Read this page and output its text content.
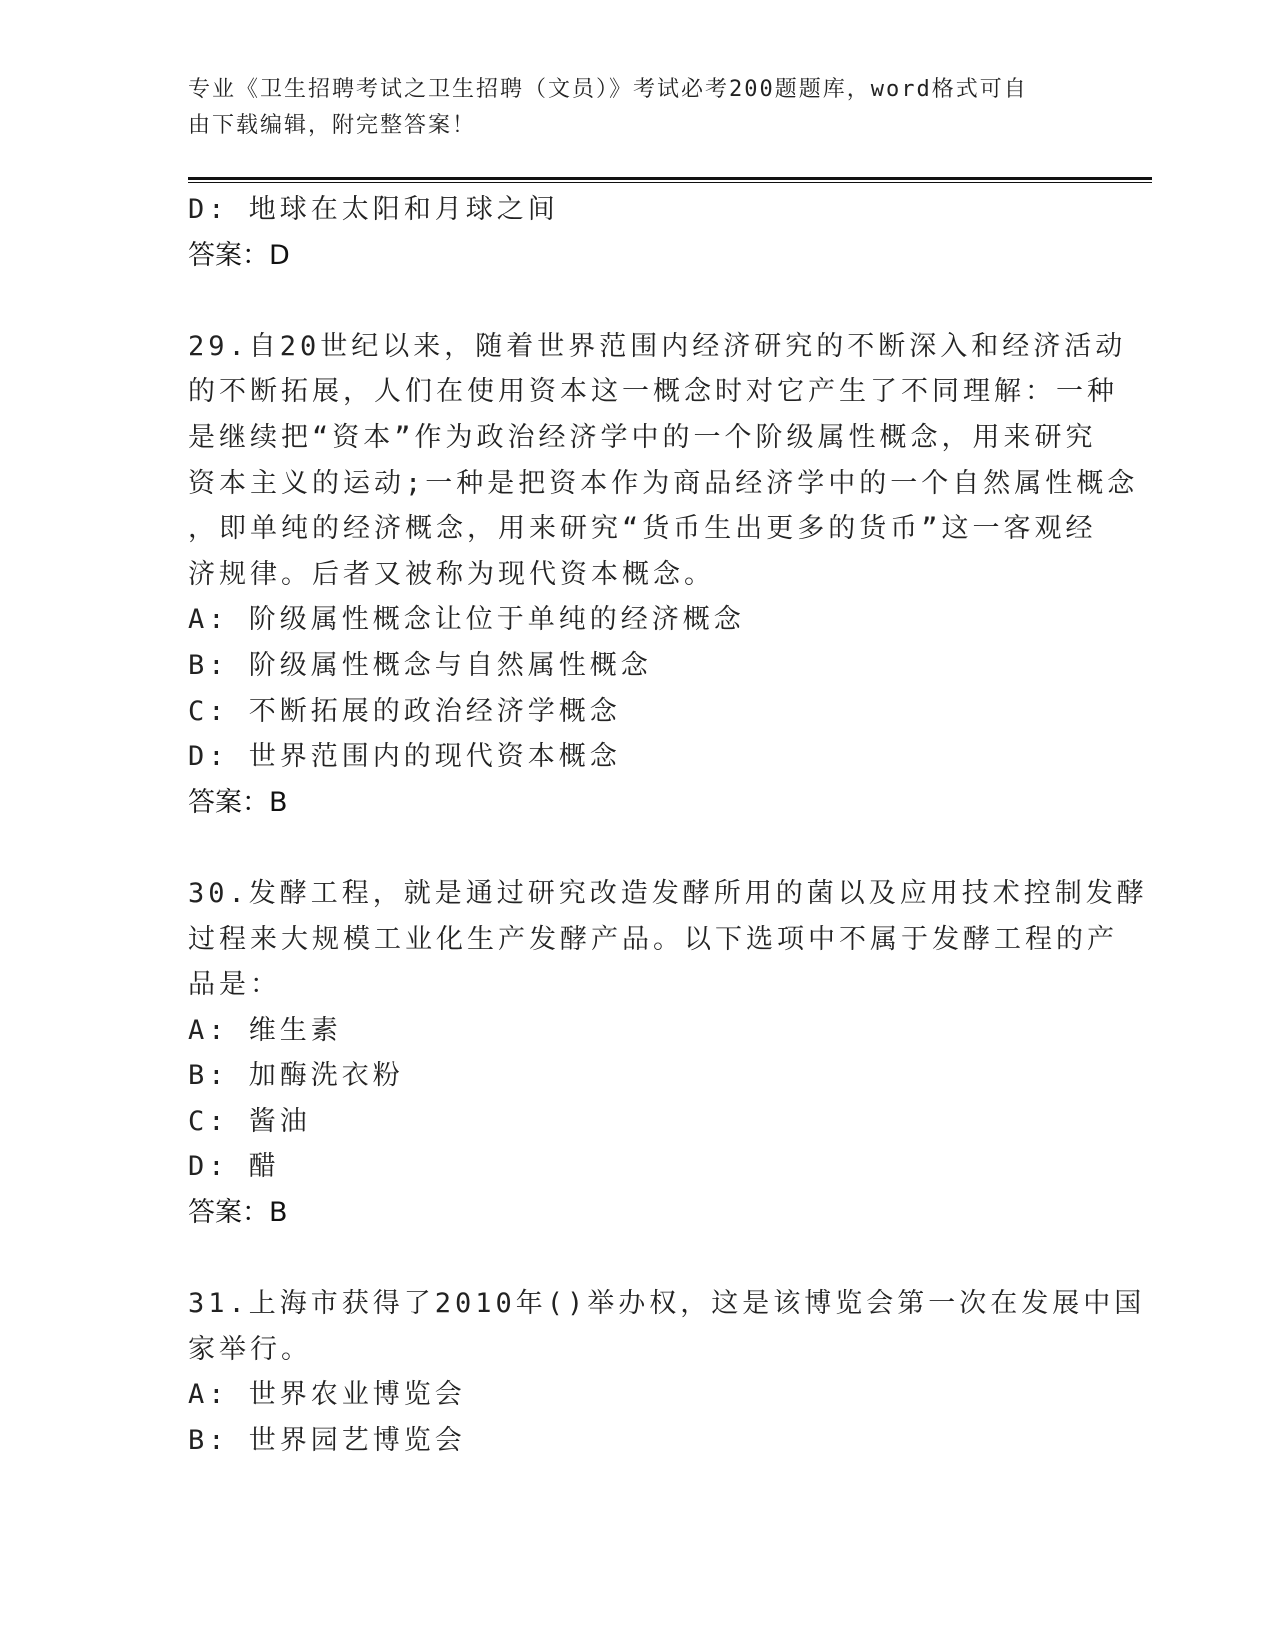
专业《卫生招聘考试之卫生招聘（文员）》考试必考200题题库，word格式可自
由下载编辑，附完整答案！
D: 地球在太阳和月球之间
答案：D
29.自20世纪以来，随着世界范围内经济研究的不断深入和经济活动
的不断拓展，人们在使用资本这一概念时对它产生了不同理解：一种
是继续把“资本”作为政治经济学中的一个阶级属性概念，用来研究
资本主义的运动;一种是把资本作为商品经济学中的一个自然属性概念
，即单纯的经济概念，用来研究“货币生出更多的货币”这一客观经
济规律。后者又被称为现代资本概念。
A: 阶级属性概念让位于单纯的经济概念
B: 阶级属性概念与自然属性概念
C: 不断拓展的政治经济学概念
D: 世界范围内的现代资本概念
答案：B
30.发酵工程，就是通过研究改造发酵所用的菌以及应用技术控制发酵
过程来大规模工业化生产发酵产品。以下选项中不属于发酵工程的产
品是：
A: 维生素
B: 加酶洗衣粉
C: 酱油
D: 醋
答案：B
31.上海市获得了2010年()举办权，这是该博览会第一次在发展中国
家举行。
A: 世界农业博览会
B: 世界园艺博览会
